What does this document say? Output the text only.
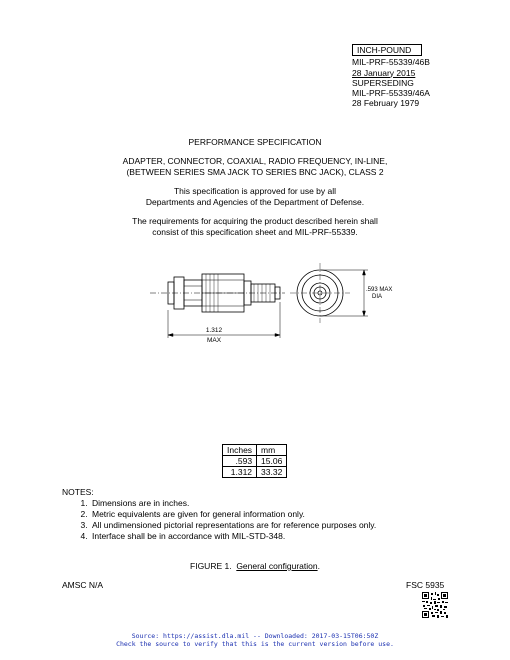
INCH-POUND
MIL-PRF-55339/46B
28 January 2015
SUPERSEDING
MIL-PRF-55339/46A
28 February 1979
PERFORMANCE SPECIFICATION
ADAPTER, CONNECTOR, COAXIAL, RADIO FREQUENCY, IN-LINE,
(BETWEEN SERIES SMA JACK TO SERIES BNC JACK), CLASS 2
This specification is approved for use by all
Departments and Agencies of the Department of Defense.
The requirements for acquiring the product described herein shall
consist of this specification sheet and MIL-PRF-55339.
1.312
MAX
.593 MAX
DIA
Inches	mm
.593	15.06
1.312	33.32
NOTES:
1. Dimensions are in inches.
2. Metric equivalents are given for general information only.
3. All undimensioned pictorial representations are for reference purposes only.
4. Interface shall be in accordance with MIL-STD-348.
FIGURE 1. General configuration.
AMSC N/A	FSC 5935
Source: https://assist.dla.mil -- Downloaded: 2017-03-15T06:50Z
Check the source to verify that this is the current version before use.
